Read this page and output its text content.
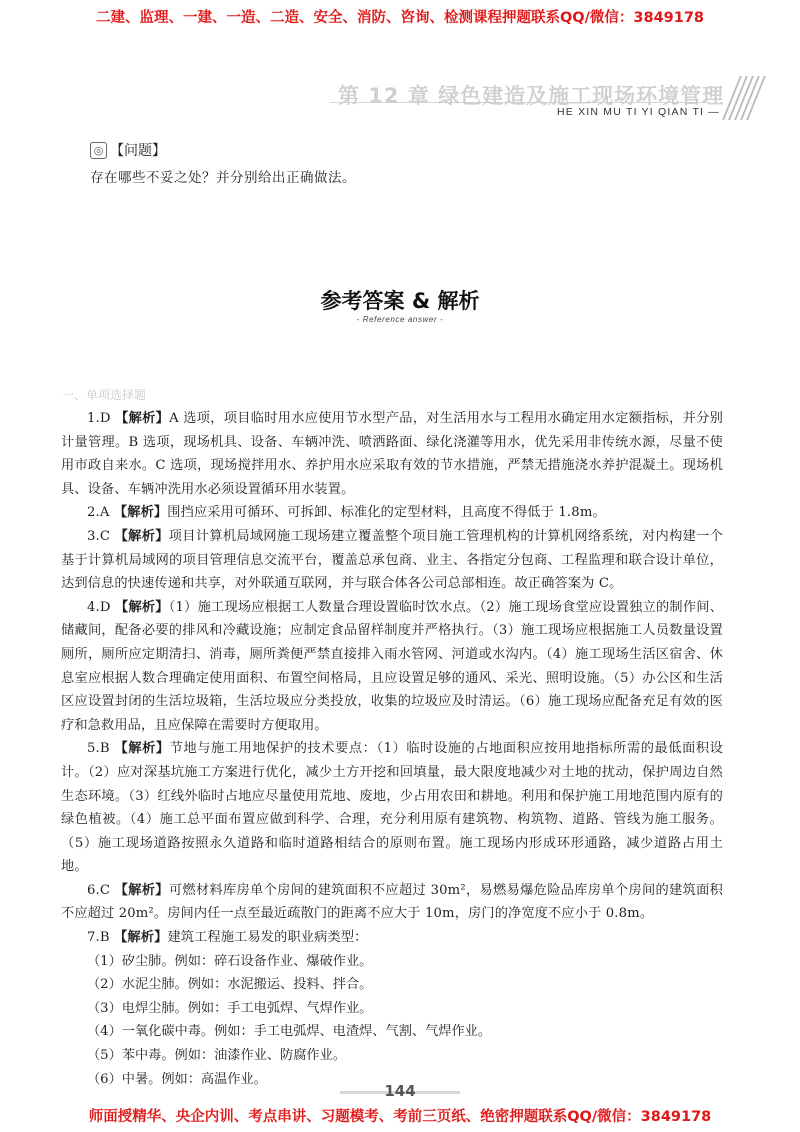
二建、监理、一建、一造、二造、安全、消防、咨询、检测课程押题联系QQ/微信：3849178
第 12 章 绿色建造及施工现场环境管理
HE XIN MU TI YI QIAN TI —
◎ 【问题】
存在哪些不妥之处？并分别给出正确做法。
参考答案 & 解析
- Reference answer -
一、单项选择题

1.D 【解析】A 选项，项目临时用水应使用节水型产品，对生活用水与工程用水确定用水定额指标，并分别计量管理。B 选项，现场机具、设备、车辆冲洗、喷洒路面、绿化浇灌等用水，优先采用非传统水源，尽量不使用市政自来水。C 选项，现场搅拌用水、养护用水应采取有效的节水措施，严禁无措施浇水养护混凝土。现场机具、设备、车辆冲洗用水必须设置循环用水装置。

2.A 【解析】围挡应采用可循环、可拆卸、标准化的定型材料，且高度不得低于 1.8m。

3.C 【解析】项目计算机局域网施工现场建立覆盖整个项目施工管理机构的计算机网络系统，对内构建一个基于计算机局域网的项目管理信息交流平台，覆盖总承包商、业主、各指定分包商、工程监理和联合设计单位，达到信息的快速传递和共享，对外联通互联网，并与联合体各公司总部相连。故正确答案为 C。

4.D 【解析】（1）施工现场应根据工人数量合理设置临时饮水点。（2）施工现场食堂应设置独立的制作间、储藏间，配备必要的排风和冷藏设施；应制定食品留样制度并严格执行。（3）施工现场应根据施工人员数量设置厕所，厕所应定期清扫、消毒，厕所粪便严禁直接排入雨水管网、河道或水沟内。（4）施工现场生活区宿舍、休息室应根据人数合理确定使用面积、布置空间格局，且应设置足够的通风、采光、照明设施。（5）办公区和生活区应设置封闭的生活垃圾箱，生活垃圾应分类投放，收集的垃圾应及时清运。（6）施工现场应配备充足有效的医疗和急救用品，且应保障在需要时方便取用。

5.B 【解析】节地与施工用地保护的技术要点：（1）临时设施的占地面积应按用地指标所需的最低面积设计。（2）应对深基坑施工方案进行优化，减少土方开挖和回填量，最大限度地减少对土地的扰动，保护周边自然生态环境。（3）红线外临时占地应尽量使用荒地、废地，少占用农田和耕地。利用和保护施工用地范围内原有的绿色植被。（4）施工总平面布置应做到科学、合理，充分利用原有建筑物、构筑物、道路、管线为施工服务。（5）施工现场道路按照永久道路和临时道路相结合的原则布置。施工现场内形成环形通路，减少道路占用土地。

6.C 【解析】可燃材料库房单个房间的建筑面积不应超过 30m²，易燃易爆危险品库房单个房间的建筑面积不应超过 20m²。房间内任一点至最近疏散门的距离不应大于 10m，房门的净宽度不应小于 0.8m。

7.B 【解析】建筑工程施工易发的职业病类型：

（1）矽尘肺。例如：碎石设备作业、爆破作业。
（2）水泥尘肺。例如：水泥搬运、投料、拌合。
（3）电焊尘肺。例如：手工电弧焊、气焊作业。
（4）一氧化碳中毒。例如：手工电弧焊、电渣焊、气割、气焊作业。
（5）苯中毒。例如：油漆作业、防腐作业。
（6）中暑。例如：高温作业。
144
师面授精华、央企内训、考点串讲、习题模考、考前三页纸、绝密押题联系QQ/微信：3849178
